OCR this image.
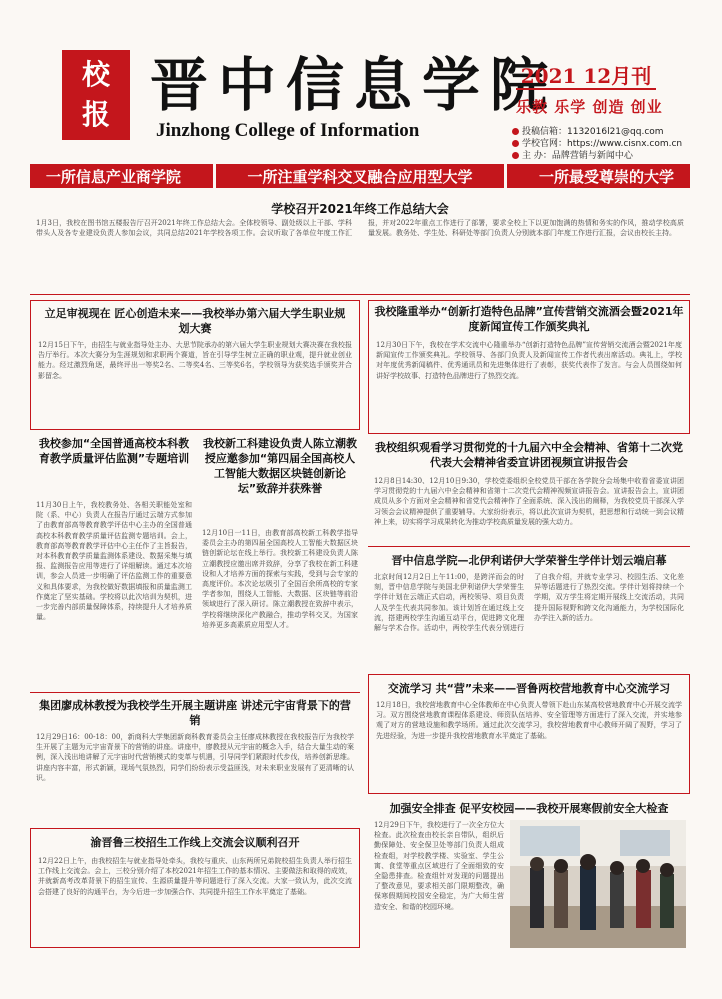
校
报 晋中信息学院
Jinzhong College of Information
2021 12月刊
乐教 乐学 创造 创业
投稿信箱：1132016l21@qq.com
学校官网：https://www.cisnx.com.cn
主 办：品牌营销与新闻中心
一所信息产业商学院	一所注重学科交叉融合应用型大学	一所最受尊崇的大学
学校召开2021年终工作总结大会
1月3日，我校在图书馆五楼报告厅召开2021年终工作总结大会。全体校领导、副处级以上干部、学科带头人及各专业建设负责人参加会议，共同总结2021年学校各项工作。会议听取了各单位年度工作汇报，并对2022年重点工作进行了部署，要求全校上下以更加饱满的热情和务实的作风，推动学校高质量发展。教务处、学生处、科研处等部门负责人分别就本部门年度工作进行汇报，会议由校长主持。
立足审视现在 匠心创造未来——我校举办第六届大学生职业规划大赛
12月15日下午，由招生与就业指导处主办、大思节院承办的第六届大学生职业规划大赛决赛在我校报告厅举行。本次大赛分为生涯规划和求职两个赛道，旨在引导学生树立正确的职业观，提升就业创业能力。经过激烈角逐，最终评出一等奖2名、二等奖4名、三等奖6名，学校领导为获奖选手颁奖并合影留念。
我校参加“全国普通高校本科教育教学质量评估监测”专题培训
11月30日上午，我校教务处、各相关职能处室和院（系、中心）负责人在报告厅通过云端方式参加了由教育部高等教育教学评估中心主办的全国普通高校本科教育教学质量评估监测专题培训。会上，教育部高等教育教学评估中心主任作了主旨报告，对本科教育教学质量监测体系建设、数据采集与填报、监测报告应用等进行了详细解读。通过本次培训，参会人员进一步明确了评估监测工作的重要意义和具体要求，为我校做好数据填报和质量监测工作奠定了坚实基础。学校将以此次培训为契机，进一步完善内部质量保障体系，持续提升人才培养质量。
我校新工科建设负责人陈立潮教授应邀参加“第四届全国高校人工智能大数据区块链创新论坛”致辞并获殊誉
12月10日一11日，由教育部高校新工科教学指导委员会主办的第四届全国高校人工智能大数据区块链创新论坛在线上举行。我校新工科建设负责人陈立潮教授应邀出席并致辞，分享了我校在新工科建设和人才培养方面的探索与实践，受到与会专家的高度评价。本次论坛吸引了全国百余所高校的专家学者参加，围绕人工智能、大数据、区块链等前沿领域进行了深入研讨。陈立潮教授在致辞中表示，学校将继续深化产教融合，推动学科交叉，为国家培养更多高素质应用型人才。
集团廖成林教授为我校学生开展主题讲座 讲述元宇宙背景下的营销
12月29日16：00-18：00，新商科大学集团新商科教育委员会主任廖成林教授在我校报告厅为我校学生开展了主题为元宇宙背景下的营销的讲座。讲座中，廖教授从元宇宙的概念入手，结合大量生动的案例，深入浅出地讲解了元宇宙时代营销模式的变革与机遇，引导同学们紧跟时代步伐，培养创新思维。讲座内容丰富，形式新颖，现场气氛热烈，同学们纷纷表示受益匪浅，对未来职业发展有了更清晰的认识。
渝晋鲁三校招生工作线上交流会议顺利召开
12月22日上午，由我校招生与就业指导处牵头，我校与重庆、山东两所兄弟院校招生负责人举行招生工作线上交流会。会上，三校分别介绍了本校2021年招生工作的基本情况、主要做法和取得的成效，并就新高考改革背景下的招生宣传、生源质量提升等问题进行了深入交流。大家一致认为，此次交流会搭建了良好的沟通平台，为今后进一步加强合作、共同提升招生工作水平奠定了基础。
我校隆重举办“创新打造特色品牌”宣传营销交流酒会暨2021年度新闻宣传工作颁奖典礼
12月30日下午，我校在学术交流中心隆重举办“创新打造特色品牌”宣传营销交流酒会暨2021年度新闻宣传工作颁奖典礼。学校领导、各部门负责人及新闻宣传工作者代表出席活动。典礼上，学校对年度优秀新闻稿件、优秀通讯员和先进集体进行了表彰，获奖代表作了发言。与会人员围绕如何讲好学校故事、打造特色品牌进行了热烈交流。
我校组织观看学习贯彻党的十九届六中全会精神、省第十二次党代表大会精神省委宣讲团视频宣讲报告会
12月8日14:30、12月10日9:30，学校党委组织全校党员干部在各学院分会场集中收看省委宣讲团学习贯彻党的十九届六中全会精神和省第十二次党代会精神视频宣讲报告会。宣讲报告会上，宣讲团成员从多个方面对全会精神和省党代会精神作了全面系统、深入浅出的阐释，为我校党员干部深入学习领会会议精神提供了重要辅导。大家纷纷表示，将以此次宣讲为契机，把思想和行动统一到会议精神上来，切实将学习成果转化为推动学校高质量发展的强大动力。
晋中信息学院—北伊利诺伊大学荣誉生学伴计划云端启幕
北京时间12月2日上午11:00，是跨洋而会的时刻，晋中信息学院与美国北伊利诺伊大学荣誉生学伴计划在云端正式启动，两校领导、项目负责人及学生代表共同参加。该计划旨在通过线上交流，搭建两校学生沟通互动平台，促进跨文化理解与学术合作。活动中，两校学生代表分别进行了自我介绍，并就专业学习、校园生活、文化差异等话题进行了热烈交流。学伴计划将持续一个学期，双方学生将定期开展线上交流活动，共同提升国际视野和跨文化沟通能力，为学校国际化办学注入新的活力。
交流学习 共“营”未来——晋鲁两校营地教育中心交流学习
12月18日，我校营地教育中心全体教师在中心负责人带领下赴山东某高校营地教育中心开展交流学习。双方围绕营地教育课程体系建设、师资队伍培养、安全管理等方面进行了深入交流，并实地参观了对方的营地设施和教学场所。通过此次交流学习，我校营地教育中心教师开阔了视野，学习了先进经验，为进一步提升我校营地教育水平奠定了基础。
加强安全排查 促平安校园——我校开展寒假前安全大检查
12月29日下午，我校进行了一次全方位大检查。此次检查由校长亲自带队，组织后勤保障处、安全保卫处等部门负责人组成检查组，对学校教学楼、实验室、学生公寓、食堂等重点区域进行了全面细致的安全隐患排查。检查组针对发现的问题提出了整改意见，要求相关部门限期整改，确保寒假期间校园安全稳定，为广大师生营造安全、和谐的校园环境。
